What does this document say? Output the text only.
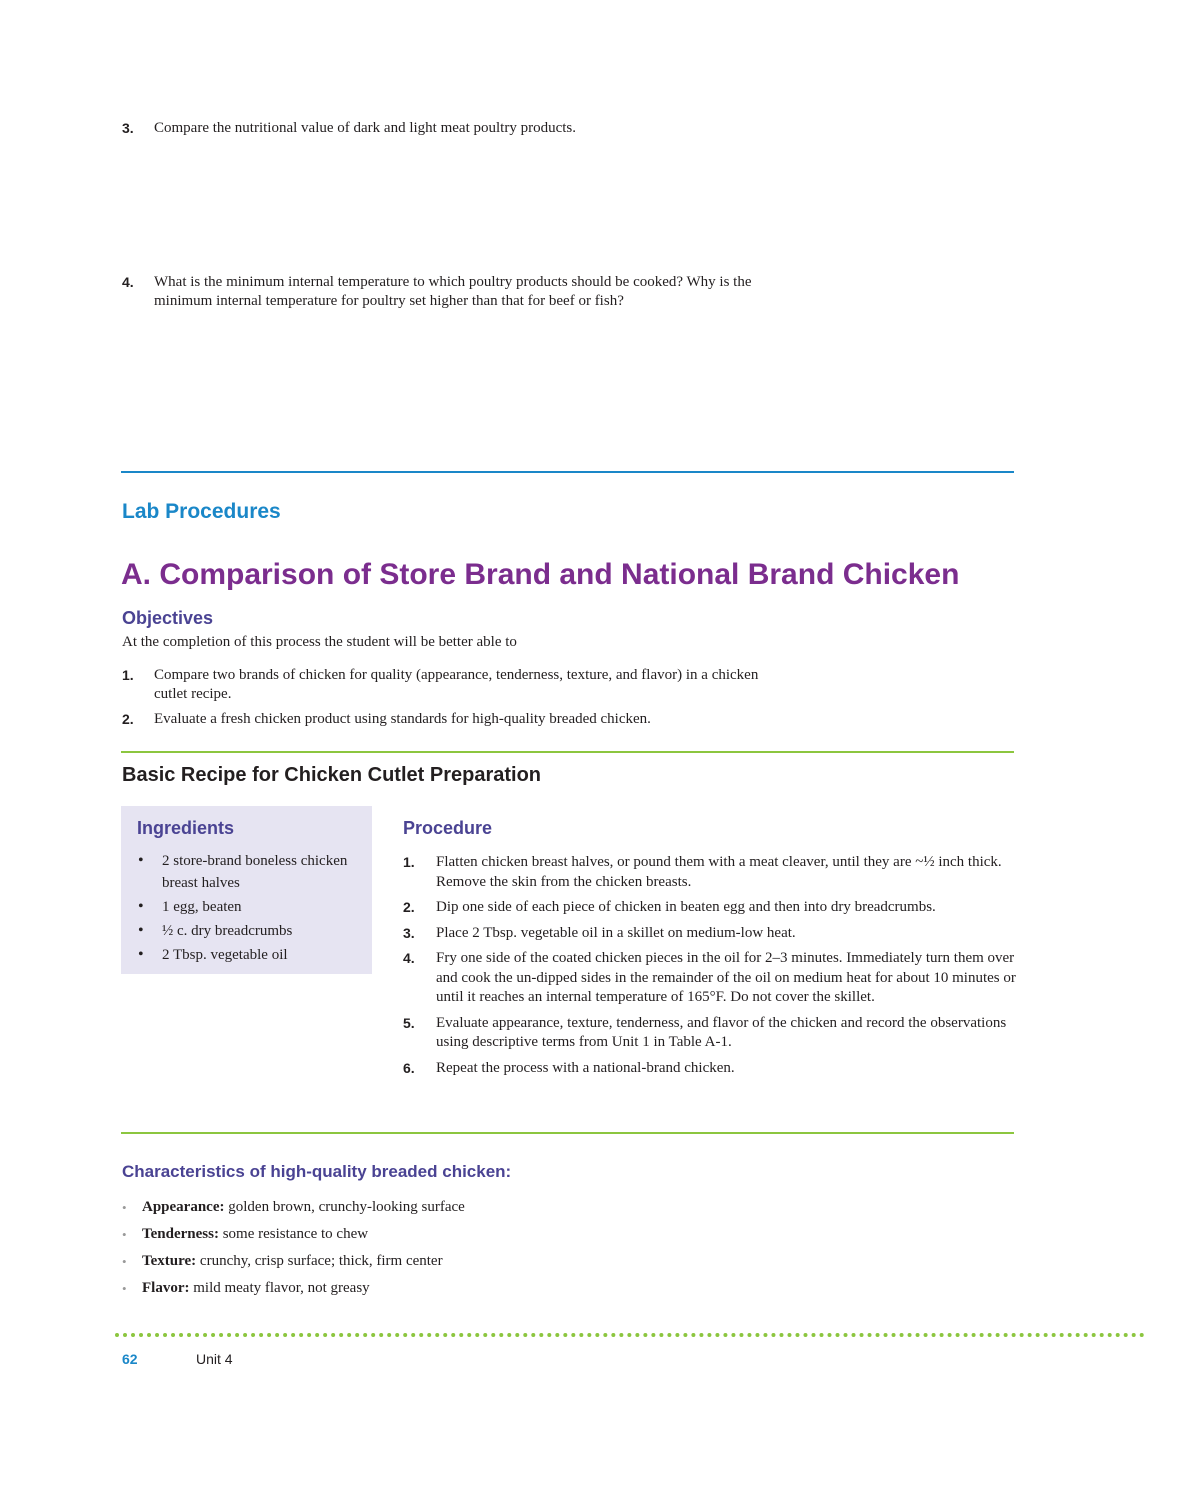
3. Compare the nutritional value of dark and light meat poultry products.
4. What is the minimum internal temperature to which poultry products should be cooked? Why is the minimum internal temperature for poultry set higher than that for beef or fish?
Lab Procedures
A. Comparison of Store Brand and National Brand Chicken
Objectives
At the completion of this process the student will be better able to
1. Compare two brands of chicken for quality (appearance, tenderness, texture, and flavor) in a chicken cutlet recipe.
2. Evaluate a fresh chicken product using standards for high-quality breaded chicken.
Basic Recipe for Chicken Cutlet Preparation
Ingredients
• 2 store-brand boneless chicken breast halves
• 1 egg, beaten
• ½ c. dry breadcrumbs
• 2 Tbsp. vegetable oil
Procedure
1. Flatten chicken breast halves, or pound them with a meat cleaver, until they are ~½ inch thick. Remove the skin from the chicken breasts.
2. Dip one side of each piece of chicken in beaten egg and then into dry breadcrumbs.
3. Place 2 Tbsp. vegetable oil in a skillet on medium-low heat.
4. Fry one side of the coated chicken pieces in the oil for 2–3 minutes. Immediately turn them over and cook the un-dipped sides in the remainder of the oil on medium heat for about 10 minutes or until it reaches an internal temperature of 165°F. Do not cover the skillet.
5. Evaluate appearance, texture, tenderness, and flavor of the chicken and record the observations using descriptive terms from Unit 1 in Table A-1.
6. Repeat the process with a national-brand chicken.
Characteristics of high-quality breaded chicken:
• Appearance: golden brown, crunchy-looking surface
• Tenderness: some resistance to chew
• Texture: crunchy, crisp surface; thick, firm center
• Flavor: mild meaty flavor, not greasy
62	Unit 4
